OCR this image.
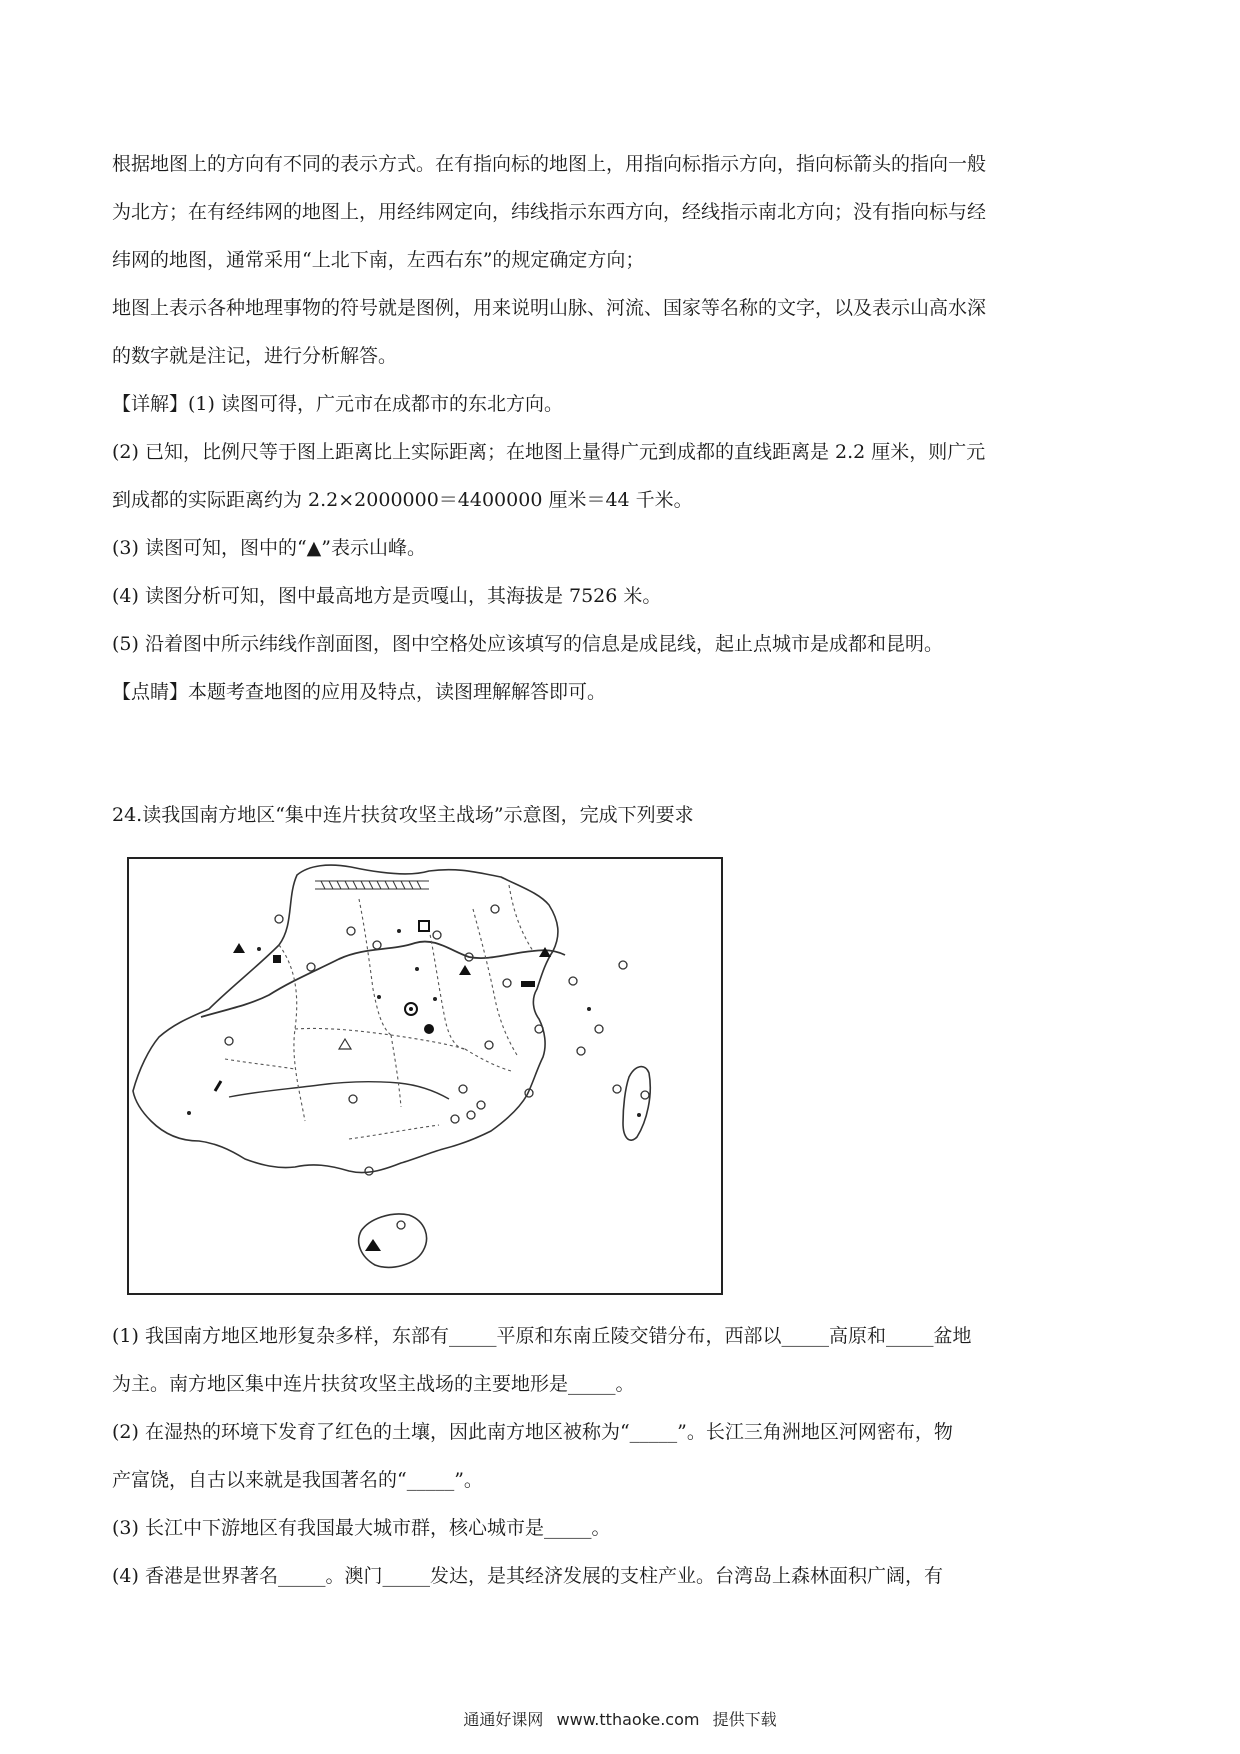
根据地图上的方向有不同的表示方式。在有指向标的地图上，用指向标指示方向，指向标箭头的指向一般
为北方；在有经纬网的地图上，用经纬网定向，纬线指示东西方向，经线指示南北方向；没有指向标与经
纬网的地图，通常采用“上北下南，左西右东”的规定确定方向；
地图上表示各种地理事物的符号就是图例，用来说明山脉、河流、国家等名称的文字，以及表示山高水深
的数字就是注记，进行分析解答。
【详解】(1) 读图可得，广元市在成都市的东北方向。
(2) 已知，比例尺等于图上距离比上实际距离；在地图上量得广元到成都的直线距离是 2.2 厘米，则广元
到成都的实际距离约为 2.2×2000000＝4400000 厘米＝44 千米。
(3) 读图可知，图中的“▲”表示山峰。
(4) 读图分析可知，图中最高地方是贡嘎山，其海拔是 7526 米。
(5) 沿着图中所示纬线作剖面图，图中空格处应该填写的信息是成昆线，起止点城市是成都和昆明。
【点睛】本题考查地图的应用及特点，读图理解解答即可。

24.读我国南方地区“集中连片扶贫攻坚主战场”示意图，完成下列要求

(1) 我国南方地区地形复杂多样，东部有_____平原和东南丘陵交错分布，西部以_____高原和_____盆地
为主。南方地区集中连片扶贫攻坚主战场的主要地形是_____。
(2) 在湿热的环境下发育了红色的土壤，因此南方地区被称为“_____”。长江三角洲地区河网密布，物
产富饶，自古以来就是我国著名的“_____”。
(3) 长江中下游地区有我国最大城市群，核心城市是_____。
(4) 香港是世界著名_____。澳门_____发达，是其经济发展的支柱产业。台湾岛上森林面积广阔，有
通通好课网 www.tthaoke.com 提供下载
